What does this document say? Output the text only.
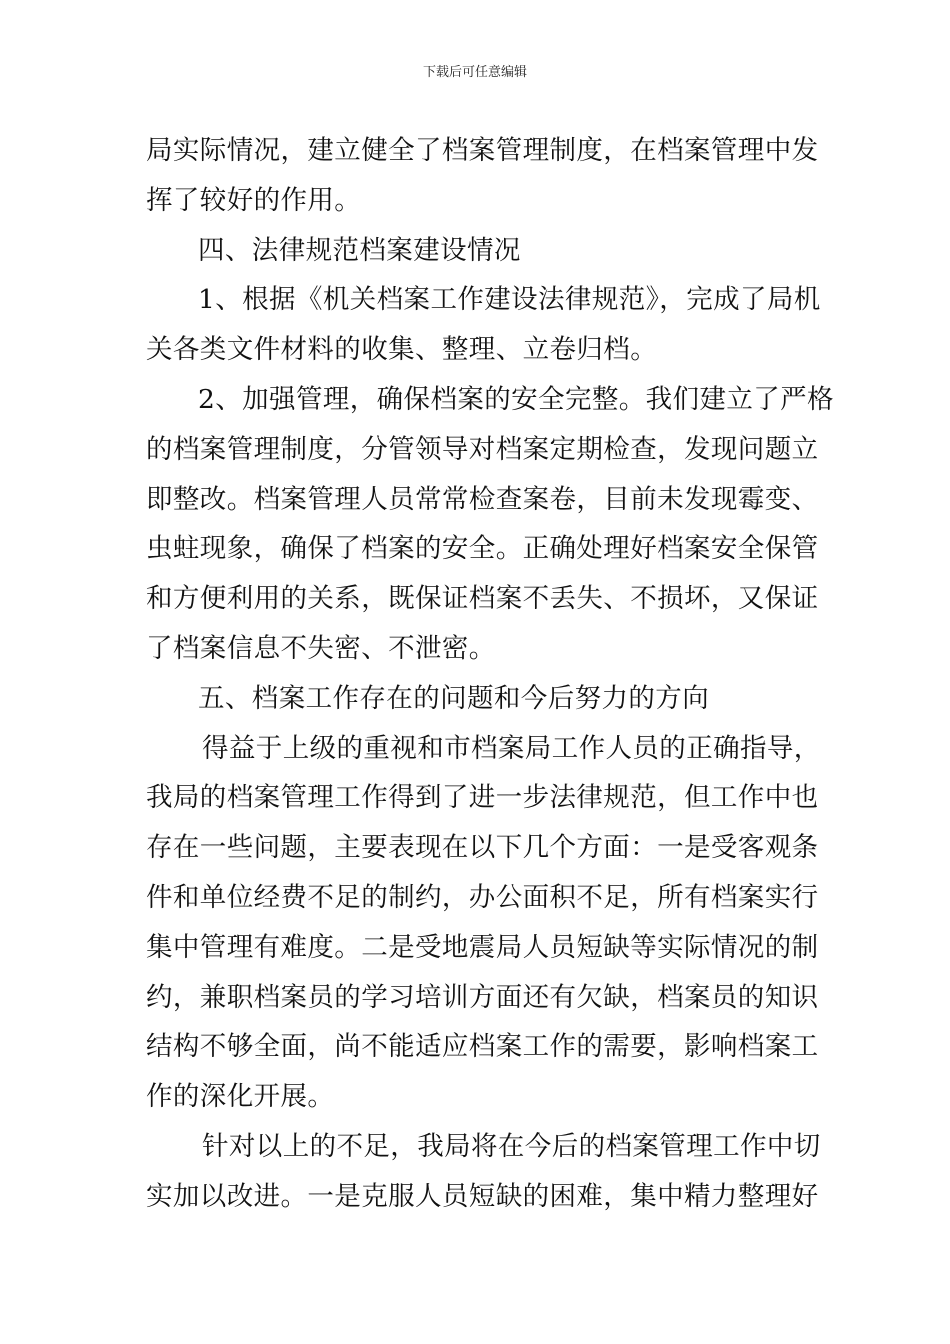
下载后可任意编辑
局实际情况，建立健全了档案管理制度，在档案管理中发
挥了较好的作用。
四、法律规范档案建设情况
1、根据《机关档案工作建设法律规范》，完成了局机
关各类文件材料的收集、整理、立卷归档。
2、加强管理，确保档案的安全完整。我们建立了严格
的档案管理制度，分管领导对档案定期检查，发现问题立
即整改。档案管理人员常常检查案卷，目前未发现霉变、
虫蛀现象，确保了档案的安全。正确处理好档案安全保管
和方便利用的关系，既保证档案不丢失、不损坏，又保证
了档案信息不失密、不泄密。
五、档案工作存在的问题和今后努力的方向
得益于上级的重视和市档案局工作人员的正确指导，
我局的档案管理工作得到了进一步法律规范，但工作中也
存在一些问题，主要表现在以下几个方面：一是受客观条
件和单位经费不足的制约，办公面积不足，所有档案实行
集中管理有难度。二是受地震局人员短缺等实际情况的制
约，兼职档案员的学习培训方面还有欠缺，档案员的知识
结构不够全面，尚不能适应档案工作的需要，影响档案工
作的深化开展。
针对以上的不足，我局将在今后的档案管理工作中切
实加以改进。一是克服人员短缺的困难，集中精力整理好
